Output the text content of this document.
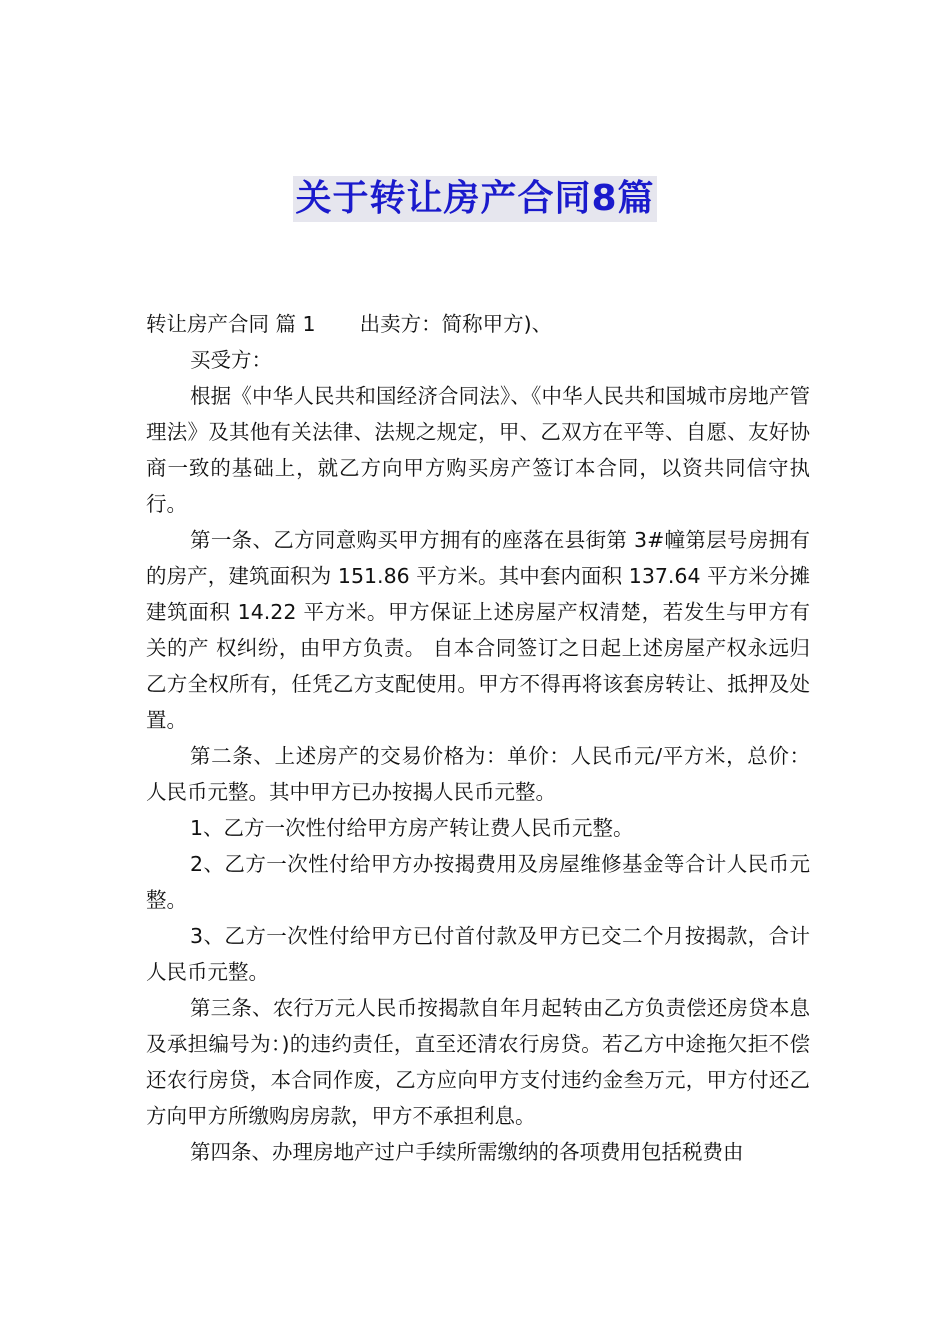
关于转让房产合同8篇

转让房产合同 篇 1 出卖方：简称甲方)、

买受方：

根据《中华人民共和国经济合同法》、《中华人民共和国城市房地产管理法》及其他有关法律、法规之规定，甲、乙双方在平等、自愿、友好协商一致的基础上，就乙方向甲方购买房产签订本合同，以资共同信守执行。

第一条、乙方同意购买甲方拥有的座落在县街第 3#幢第层号房拥有的房产，建筑面积为 151.86 平方米。其中套内面积 137.64 平方米分摊建筑面积 14.22 平方米。甲方保证上述房屋产权清楚，若发生与甲方有关的产 权纠纷，由甲方负责。 自本合同签订之日起上述房屋产权永远归乙方全权所有，任凭乙方支配使用。甲方不得再将该套房转让、抵押及处置。

第二条、上述房产的交易价格为：单价：人民币元/平方米，总价：人民币元整。其中甲方已办按揭人民币元整。

1、乙方一次性付给甲方房产转让费人民币元整。

2、乙方一次性付给甲方办按揭费用及房屋维修基金等合计人民币元整。

3、乙方一次性付给甲方已付首付款及甲方已交二个月按揭款，合计人民币元整。

第三条、农行万元人民币按揭款自年月起转由乙方负责偿还房贷本息及承担编号为：)的违约责任，直至还清农行房贷。若乙方中途拖欠拒不偿还农行房贷，本合同作废，乙方应向甲方支付违约金叁万元，甲方付还乙方向甲方所缴购房房款，甲方不承担利息。

第四条、办理房地产过户手续所需缴纳的各项费用包括税费由
